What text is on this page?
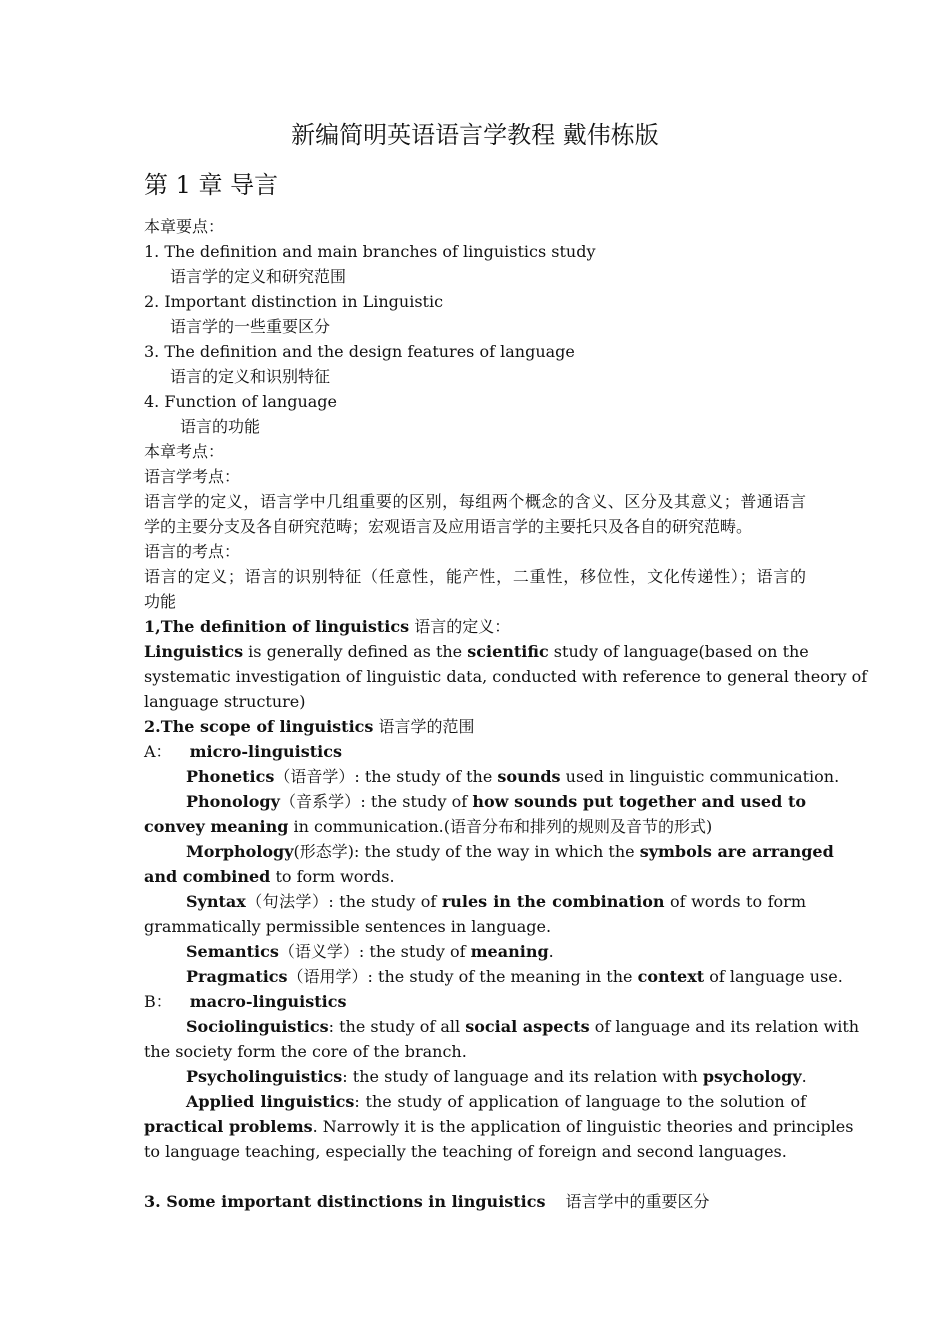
新编简明英语语言学教程 戴伟栋版
第 1 章 导言
本章要点：
1. The definition and main branches of linguistics study
语言学的定义和研究范围
2. Important distinction in Linguistic
语言学的一些重要区分
3. The definition and the design features of language
语言的定义和识别特征
4. Function of language
语言的功能
本章考点：
语言学考点：
语言学的定义，语言学中几组重要的区别，每组两个概念的含义、区分及其意义；普通语言
学的主要分支及各自研究范畴；宏观语言及应用语言学的主要托只及各自的研究范畴。
语言的考点：
语言的定义；语言的识别特征（任意性，能产性，二重性，移位性，文化传递性）；语言的
功能
1,The definition of linguistics 语言的定义：
Linguistics is generally defined as the scientific study of language(based on the
systematic investigation of linguistic data, conducted with reference to general theory of
language structure)
2.The scope of linguistics 语言学的范围
A： micro-linguistics
Phonetics（语音学）: the study of the sounds used in linguistic communication.
Phonology（音系学）: the study of how sounds put together and used to
convey meaning in communication.(语音分布和排列的规则及音节的形式)
Morphology(形态学): the study of the way in which the symbols are arranged
and combined to form words.
Syntax（句法学）: the study of rules in the combination of words to form
grammatically permissible sentences in language.
Semantics（语义学）: the study of meaning.
Pragmatics（语用学）: the study of the meaning in the context of language use.
B： macro-linguistics
Sociolinguistics: the study of all social aspects of language and its relation with
the society form the core of the branch.
Psycholinguistics: the study of language and its relation with psychology.
Applied linguistics: the study of application of language to the solution of
practical problems. Narrowly it is the application of linguistic theories and principles
to language teaching, especially the teaching of foreign and second languages.
3. Some important distinctions in linguistics 语言学中的重要区分
